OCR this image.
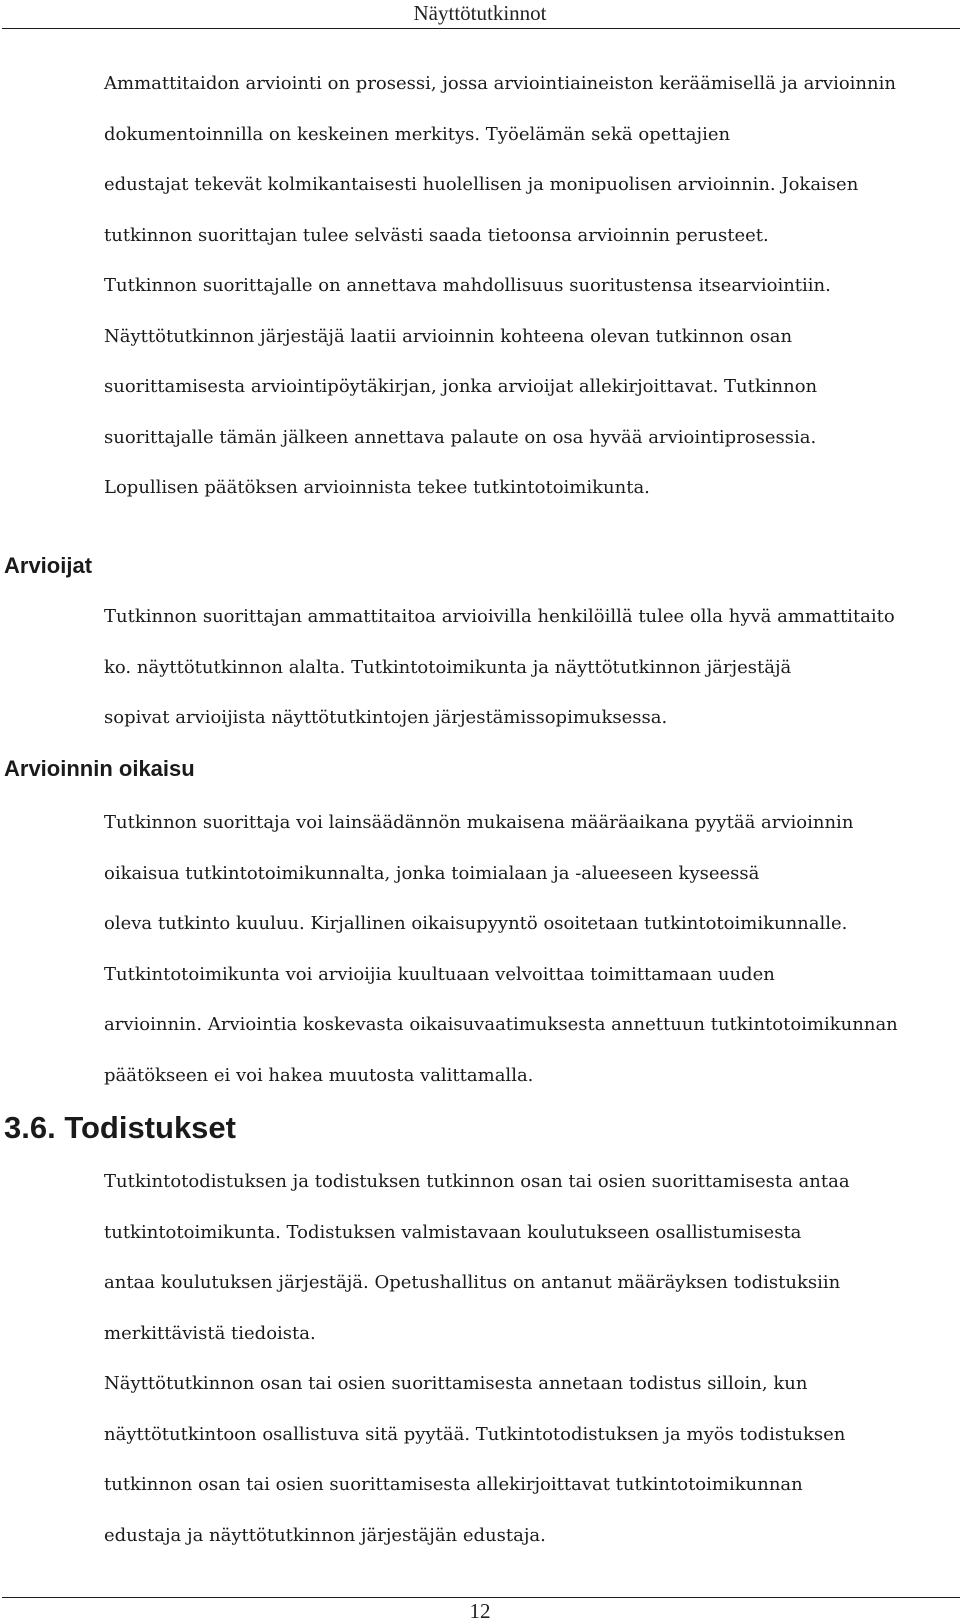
Näyttötutkinnot

Ammattitaidon arviointi on prosessi, jossa arviointiaineiston keräämisellä ja arvioinnin
dokumentoinnilla on keskeinen merkitys. Työelämän sekä opettajien
edustajat tekevät kolmikantaisesti huolellisen ja monipuolisen arvioinnin. Jokaisen
tutkinnon suorittajan tulee selvästi saada tietoonsa arvioinnin perusteet.
Tutkinnon suorittajalle on annettava mahdollisuus suoritustensa itsearviointiin.
Näyttötutkinnon järjestäjä laatii arvioinnin kohteena olevan tutkinnon osan
suorittamisesta arviointipöytäkirjan, jonka arvioijat allekirjoittavat. Tutkinnon
suorittajalle tämän jälkeen annettava palaute on osa hyvää arviointiprosessia.
Lopullisen päätöksen arvioinnista tekee tutkintotoimikunta.

Arvioijat

Tutkinnon suorittajan ammattitaitoa arvioivilla henkilöillä tulee olla hyvä ammattitaito
ko. näyttötutkinnon alalta. Tutkintotoimikunta ja näyttötutkinnon järjestäjä
sopivat arvioijista näyttötutkintojen järjestämissopimuksessa.

Arvioinnin oikaisu

Tutkinnon suorittaja voi lainsäädännön mukaisena määräaikana pyytää arvioinnin
oikaisua tutkintotoimikunnalta, jonka toimialaan ja -alueeseen kyseessä
oleva tutkinto kuuluu. Kirjallinen oikaisupyyntö osoitetaan tutkintotoimikunnalle.
Tutkintotoimikunta voi arvioijia kuultuaan velvoittaa toimittamaan uuden
arvioinnin. Arviointia koskevasta oikaisuvaatimuksesta annettuun tutkintotoimikunnan
päätökseen ei voi hakea muutosta valittamalla.

3.6. Todistukset

Tutkintotodistuksen ja todistuksen tutkinnon osan tai osien suorittamisesta antaa
tutkintotoimikunta. Todistuksen valmistavaan koulutukseen osallistumisesta
antaa koulutuksen järjestäjä. Opetushallitus on antanut määräyksen todistuksiin
merkittävistä tiedoista.

Näyttötutkinnon osan tai osien suorittamisesta annetaan todistus silloin, kun
näyttötutkintoon osallistuva sitä pyytää. Tutkintotodistuksen ja myös todistuksen
tutkinnon osan tai osien suorittamisesta allekirjoittavat tutkintotoimikunnan
edustaja ja näyttötutkinnon järjestäjän edustaja.

12
